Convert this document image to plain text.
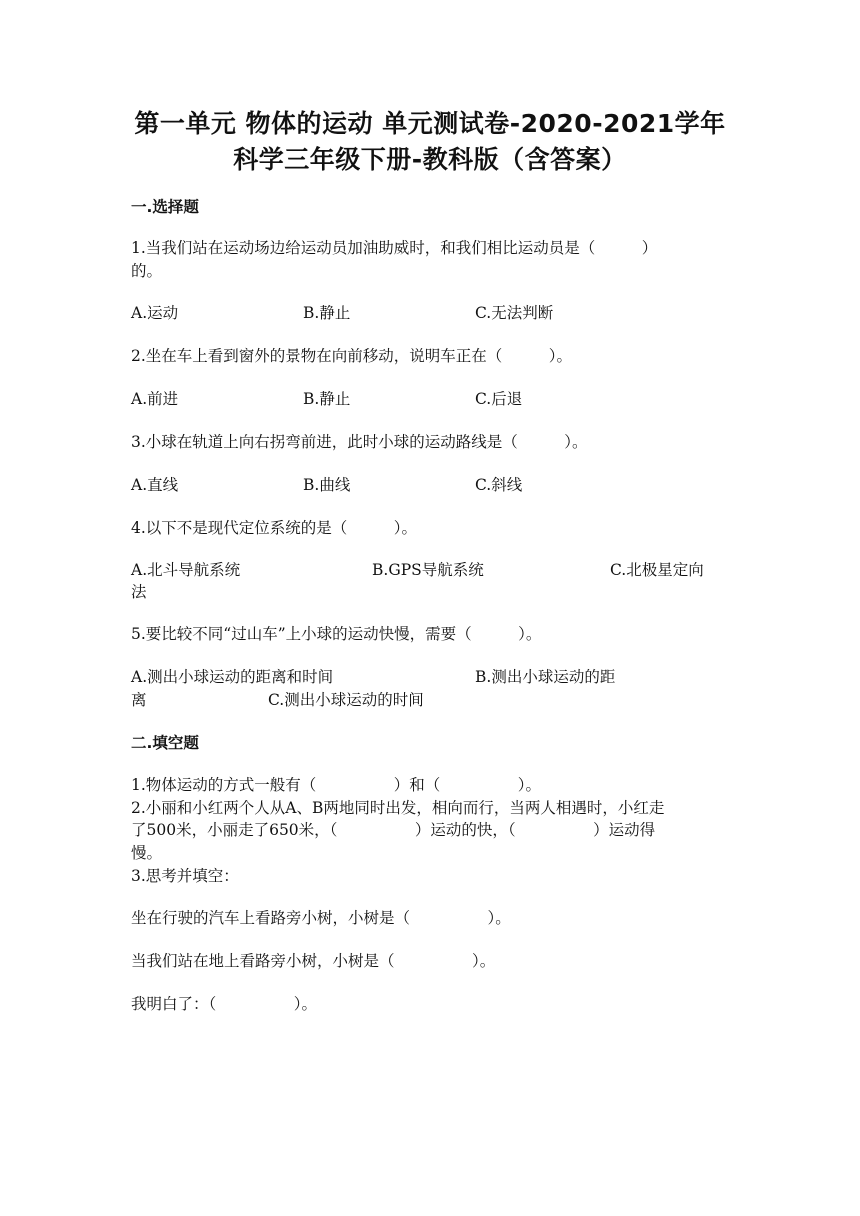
第一单元 物体的运动 单元测试卷-2020-2021学年
科学三年级下册-教科版（含答案）
一.选择题
1.当我们站在运动场边给运动员加油助威时，和我们相比运动员是（　　　）
的。
A.运动	B.静止	C.无法判断
2.坐在车上看到窗外的景物在向前移动，说明车正在（　　　）。
A.前进	B.静止	C.后退
3.小球在轨道上向右拐弯前进，此时小球的运动路线是（　　　）。
A.直线	B.曲线	C.斜线
4.以下不是现代定位系统的是（　　　）。
A.北斗导航系统	B.GPS导航系统	C.北极星定向
法
5.要比较不同“过山车”上小球的运动快慢，需要（　　　）。
A.测出小球运动的距离和时间	B.测出小球运动的距
离	C.测出小球运动的时间
二.填空题
1.物体运动的方式一般有（　　　　　）和（　　　　　）。
2.小丽和小红两个人从A、B两地同时出发，相向而行，当两人相遇时，小红走
了500米，小丽走了650米，（　　　　　）运动的快，（　　　　　）运动得
慢。
3.思考并填空：
坐在行驶的汽车上看路旁小树，小树是（　　　　　）。
当我们站在地上看路旁小树，小树是（　　　　　）。
我明白了：（　　　　　）。
